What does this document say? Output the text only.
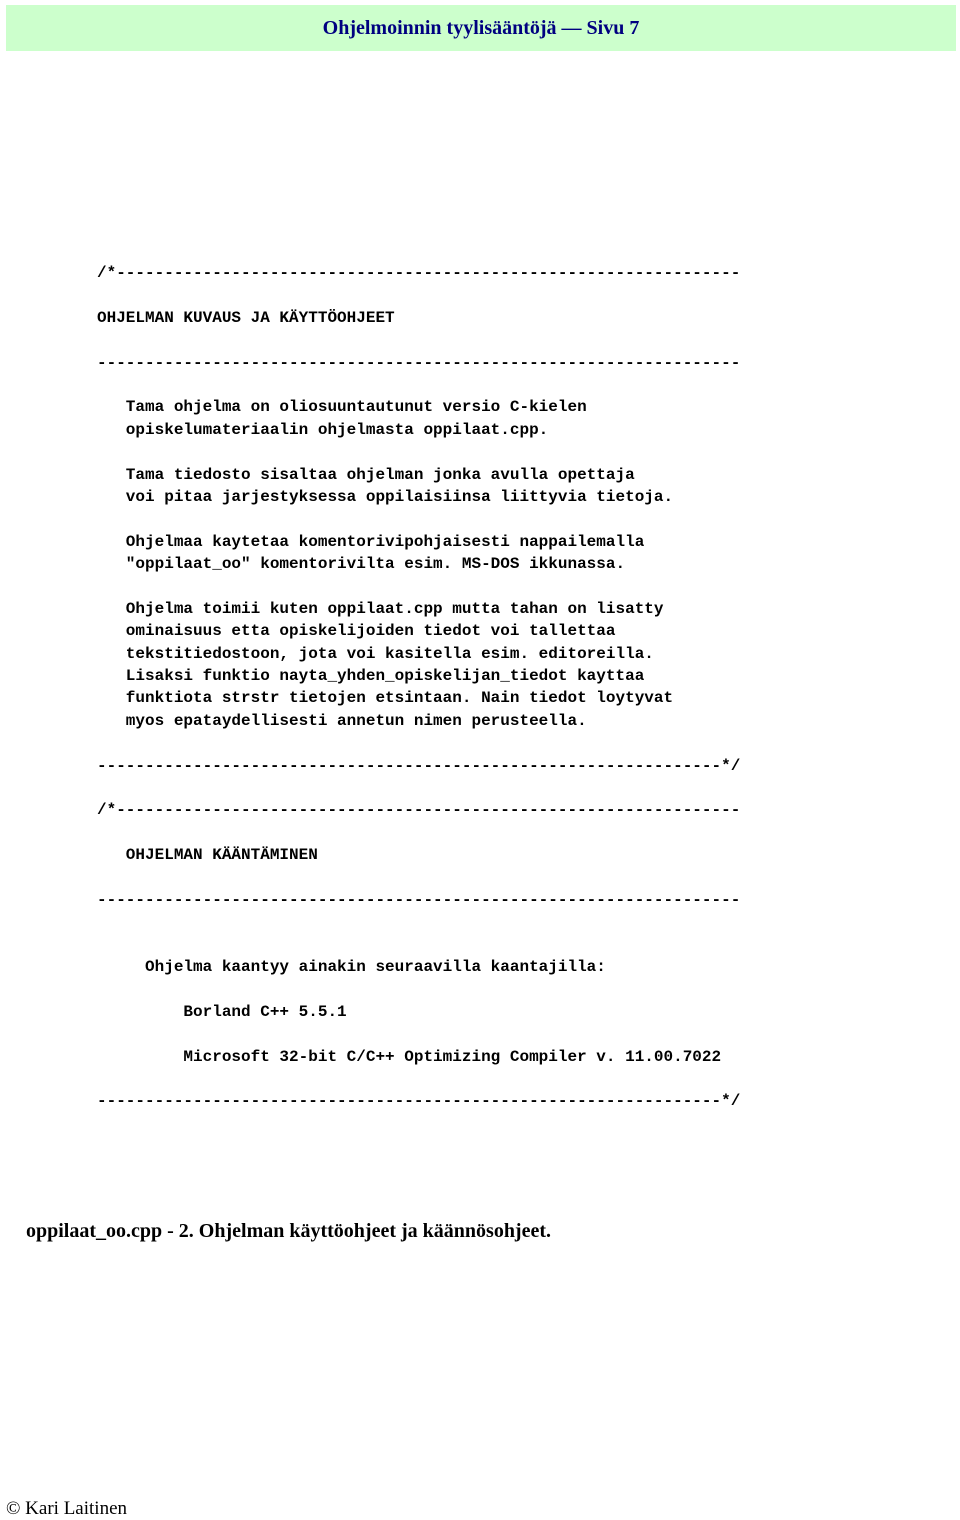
Ohjelmoinnin tyylisääntöjä — Sivu 7
/*-----------------------------------------------------------------
OHJELMAN KUVAUS JA KÄYTTÖOHJEET
-------------------------------------------------------------------
Tama ohjelma on oliosuuntautunut versio C-kielen
opiskelumateriaalin ohjelmasta oppilaat.cpp.
Tama tiedosto sisaltaa ohjelman jonka avulla opettaja
voi pitaa jarjestyksessa oppilaisiinsa liittyvia tietoja.
Ohjelmaa kaytetaa komentorivipohjaisesti nappailemalla
"oppilaat_oo" komentorivilta esim. MS-DOS ikkunassa.
Ohjelma toimii kuten oppilaat.cpp mutta tahan on lisatty
ominaisuus etta opiskelijoiden tiedot voi tallettaa
tekstitiedostoon, jota voi kasitella esim. editoreilla.
Lisaksi funktio nayta_yhden_opiskelijan_tiedot kayttaa
funktiota strstr tietojen etsintaan. Nain tiedot loytyvat
myos epataydellisesti annetun nimen perusteella.
-----------------------------------------------------------------*/
/*-----------------------------------------------------------------
OHJELMAN KÄÄNTÄMINEN
-------------------------------------------------------------------
Ohjelma kaantyy ainakin seuraavilla kaantajilla:
Borland C++ 5.5.1
Microsoft 32-bit C/C++ Optimizing Compiler v. 11.00.7022
-----------------------------------------------------------------*/
oppilaat_oo.cpp - 2. Ohjelman käyttöohjeet ja käännösohjeet.
© Kari Laitinen
